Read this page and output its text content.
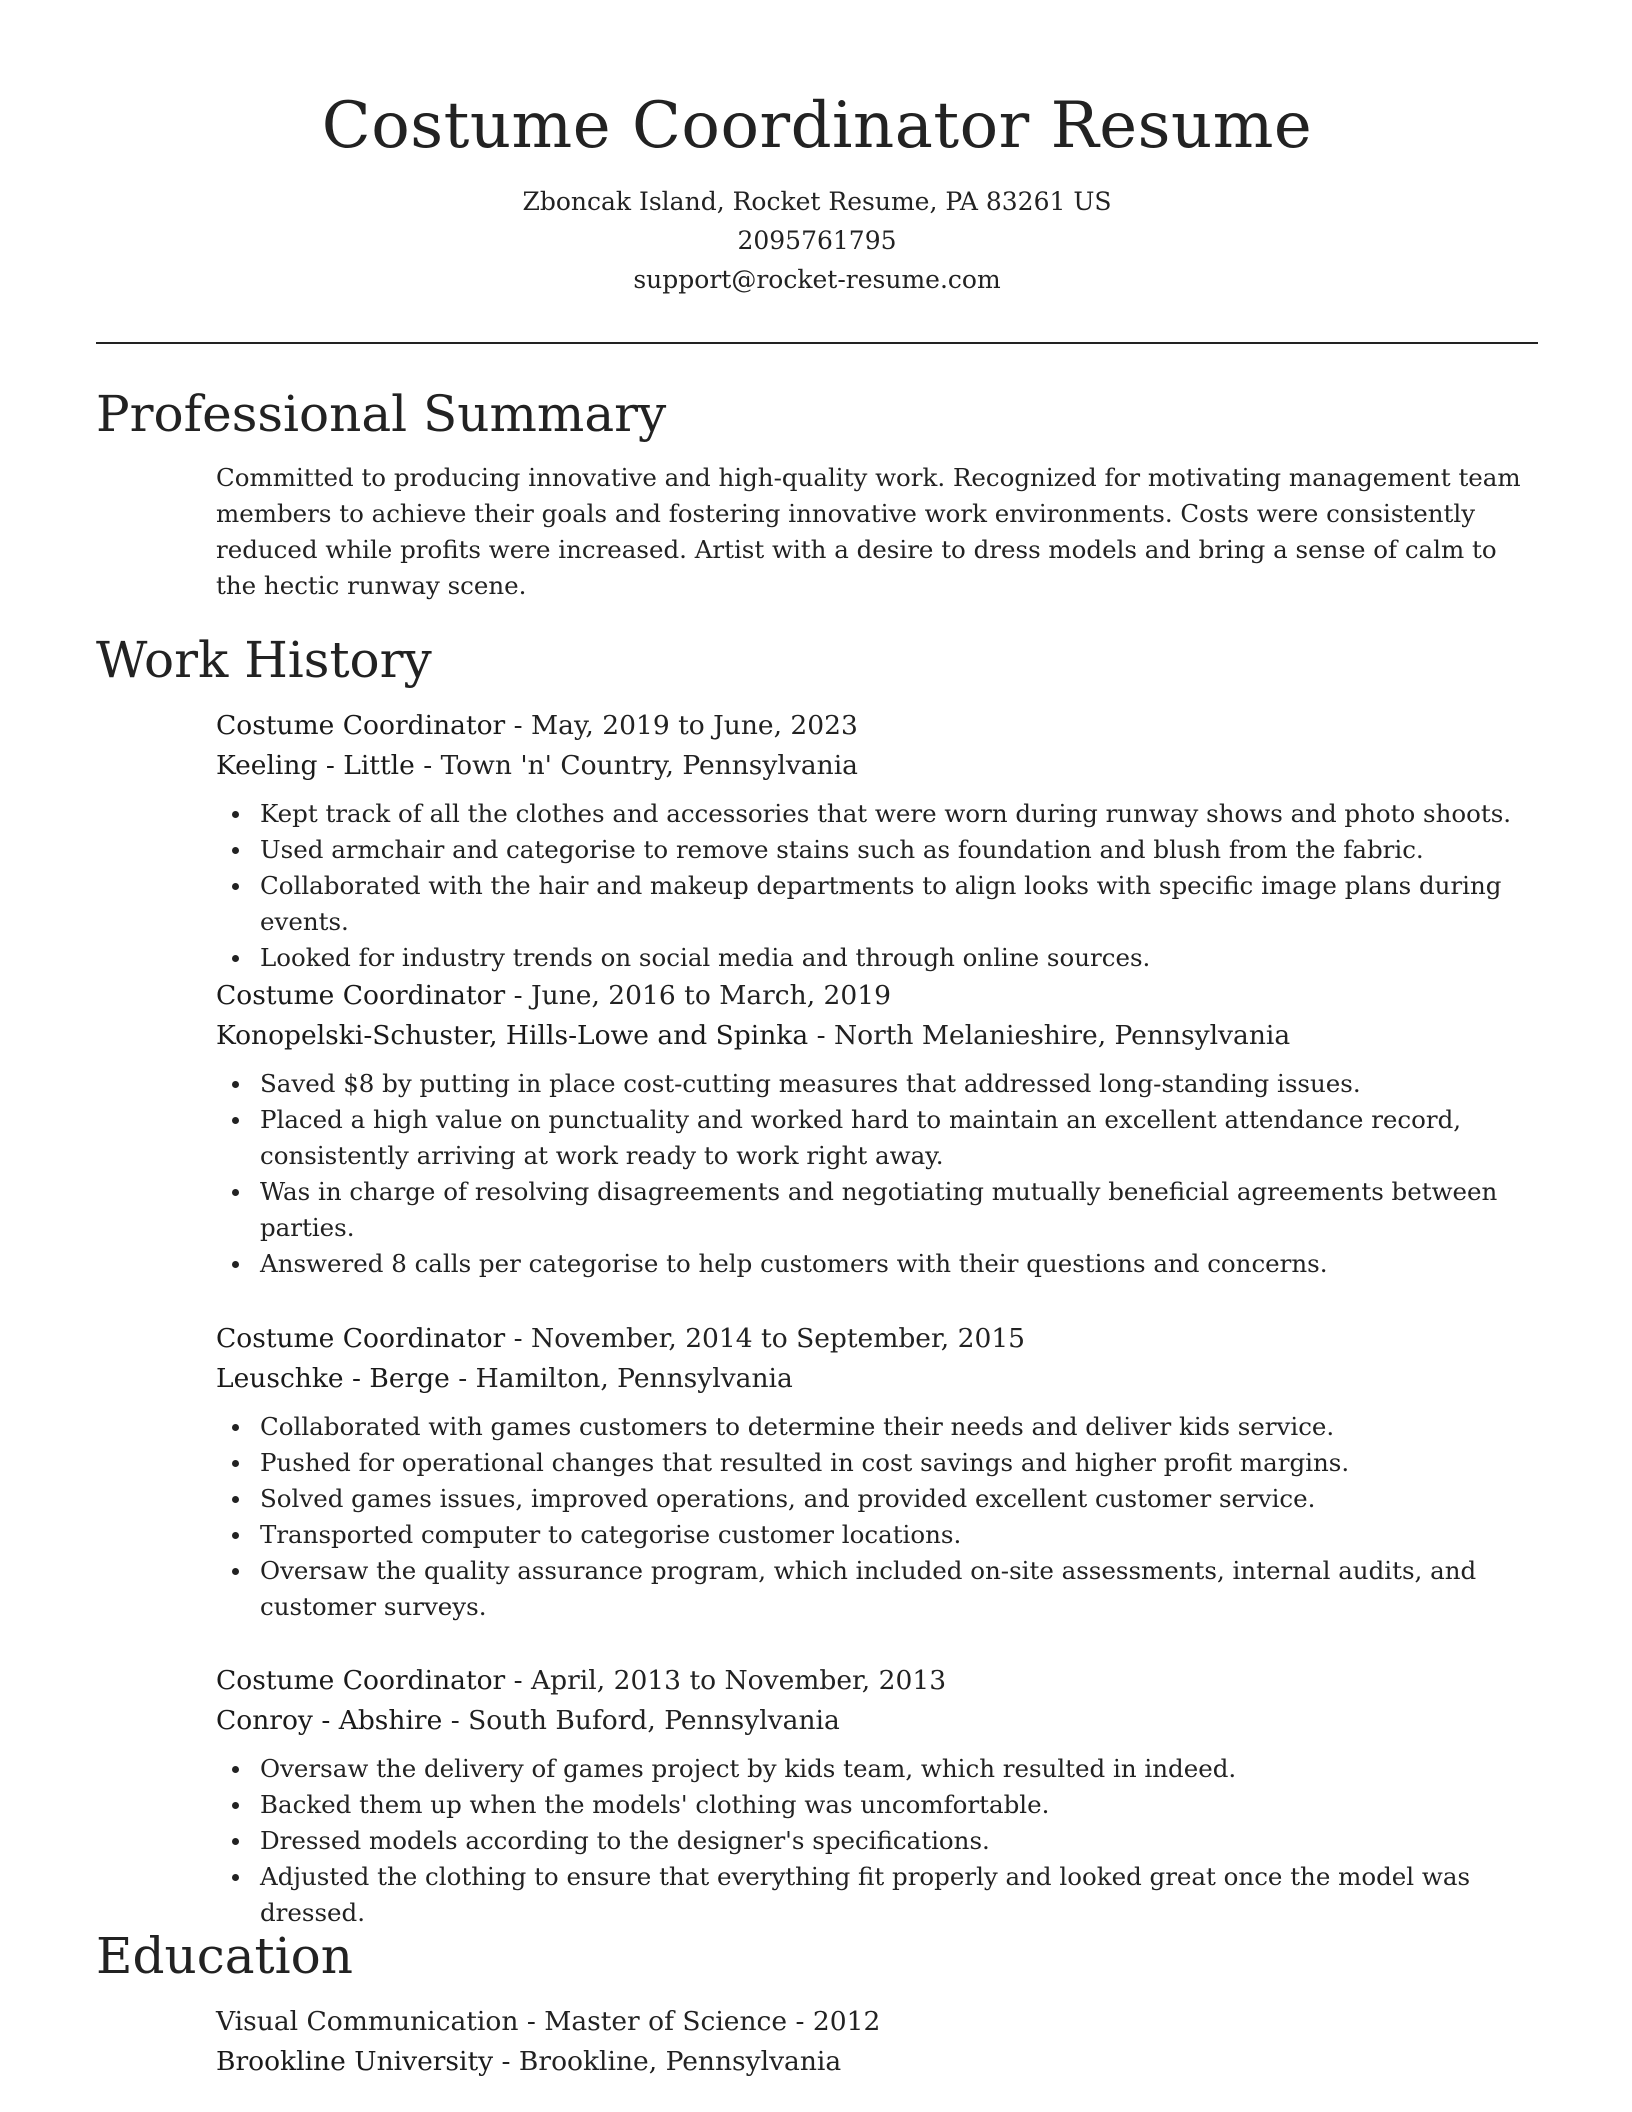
Costume Coordinator Resume

Zboncak Island, Rocket Resume, PA 83261 US

2095761795

support@rocket-resume.com

Professional Summary

Committed to producing innovative and high-quality work. Recognized for motivating management team members to achieve their goals and fostering innovative work environments. Costs were consistently reduced while profits were increased. Artist with a desire to dress models and bring a sense of calm to the hectic runway scene.

Work History

Costume Coordinator - May, 2019 to June, 2023

Keeling - Little - Town 'n' Country, Pennsylvania

Kept track of all the clothes and accessories that were worn during runway shows and photo shoots.
Used armchair and categorise to remove stains such as foundation and blush from the fabric.
Collaborated with the hair and makeup departments to align looks with specific image plans during events.
Looked for industry trends on social media and through online sources.

Costume Coordinator - June, 2016 to March, 2019

Konopelski-Schuster, Hills-Lowe and Spinka - North Melanieshire, Pennsylvania

Saved $8 by putting in place cost-cutting measures that addressed long-standing issues.
Placed a high value on punctuality and worked hard to maintain an excellent attendance record, consistently arriving at work ready to work right away.
Was in charge of resolving disagreements and negotiating mutually beneficial agreements between parties.
Answered 8 calls per categorise to help customers with their questions and concerns.

Costume Coordinator - November, 2014 to September, 2015

Leuschke - Berge - Hamilton, Pennsylvania

Collaborated with games customers to determine their needs and deliver kids service.
Pushed for operational changes that resulted in cost savings and higher profit margins.
Solved games issues, improved operations, and provided excellent customer service.
Transported computer to categorise customer locations.
Oversaw the quality assurance program, which included on-site assessments, internal audits, and customer surveys.

Costume Coordinator - April, 2013 to November, 2013

Conroy - Abshire - South Buford, Pennsylvania

Oversaw the delivery of games project by kids team, which resulted in indeed.
Backed them up when the models' clothing was uncomfortable.
Dressed models according to the designer's specifications.
Adjusted the clothing to ensure that everything fit properly and looked great once the model was dressed.
Education

Visual Communication - Master of Science - 2012

Brookline University - Brookline, Pennsylvania
